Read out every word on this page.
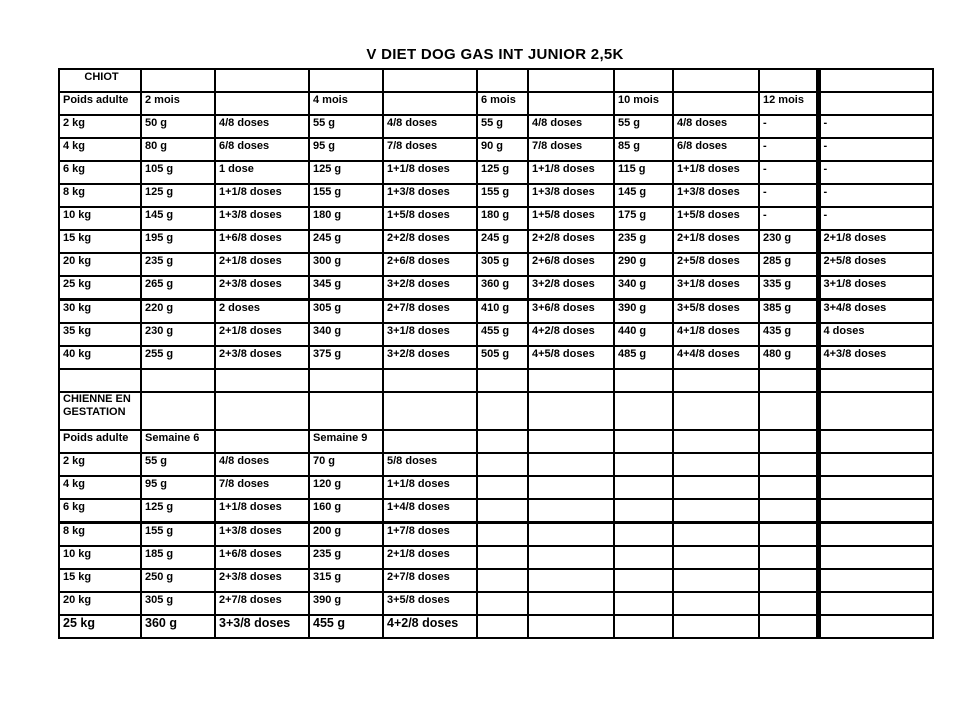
V DIET DOG GAS INT JUNIOR 2,5K
CHIOT										
Poids adulte	2 mois		4 mois		6 mois		10 mois		12 mois	
2 kg	50 g	4/8 doses	55 g	4/8 doses	55 g	4/8 doses	55 g	4/8 doses	-	-
4 kg	80 g	6/8 doses	95 g	7/8 doses	90 g	7/8 doses	85 g	6/8 doses	-	-
6 kg	105 g	1 dose	125 g	1+1/8 doses	125 g	1+1/8 doses	115 g	1+1/8 doses	-	-
8 kg	125 g	1+1/8 doses	155 g	1+3/8 doses	155 g	1+3/8 doses	145 g	1+3/8 doses	-	-
10 kg	145 g	1+3/8 doses	180 g	1+5/8 doses	180 g	1+5/8 doses	175 g	1+5/8 doses	-	-
15 kg	195 g	1+6/8 doses	245 g	2+2/8 doses	245 g	2+2/8 doses	235 g	2+1/8 doses	230 g	2+1/8 doses
20 kg	235 g	2+1/8 doses	300 g	2+6/8 doses	305 g	2+6/8 doses	290 g	2+5/8 doses	285 g	2+5/8 doses
25 kg	265 g	2+3/8 doses	345 g	3+2/8 doses	360 g	3+2/8 doses	340 g	3+1/8 doses	335 g	3+1/8 doses
30 kg	220 g	2 doses	305 g	2+7/8 doses	410 g	3+6/8 doses	390 g	3+5/8 doses	385 g	3+4/8 doses
35 kg	230 g	2+1/8 doses	340 g	3+1/8 doses	455 g	4+2/8 doses	440 g	4+1/8 doses	435 g	4 doses
40 kg	255 g	2+3/8 doses	375 g	3+2/8 doses	505 g	4+5/8 doses	485 g	4+4/8 doses	480 g	4+3/8 doses

CHIENNE EN GESTATION										
Poids adulte	Semaine 6		Semaine 9							
2 kg	55 g	4/8 doses	70 g	5/8 doses						
4 kg	95 g	7/8 doses	120 g	1+1/8 doses						
6 kg	125 g	1+1/8 doses	160 g	1+4/8 doses						
8 kg	155 g	1+3/8 doses	200 g	1+7/8 doses						
10 kg	185 g	1+6/8 doses	235 g	2+1/8 doses						
15 kg	250 g	2+3/8 doses	315 g	2+7/8 doses						
20 kg	305 g	2+7/8 doses	390 g	3+5/8 doses						
25 kg	360 g	3+3/8 doses	455 g	4+2/8 doses						
